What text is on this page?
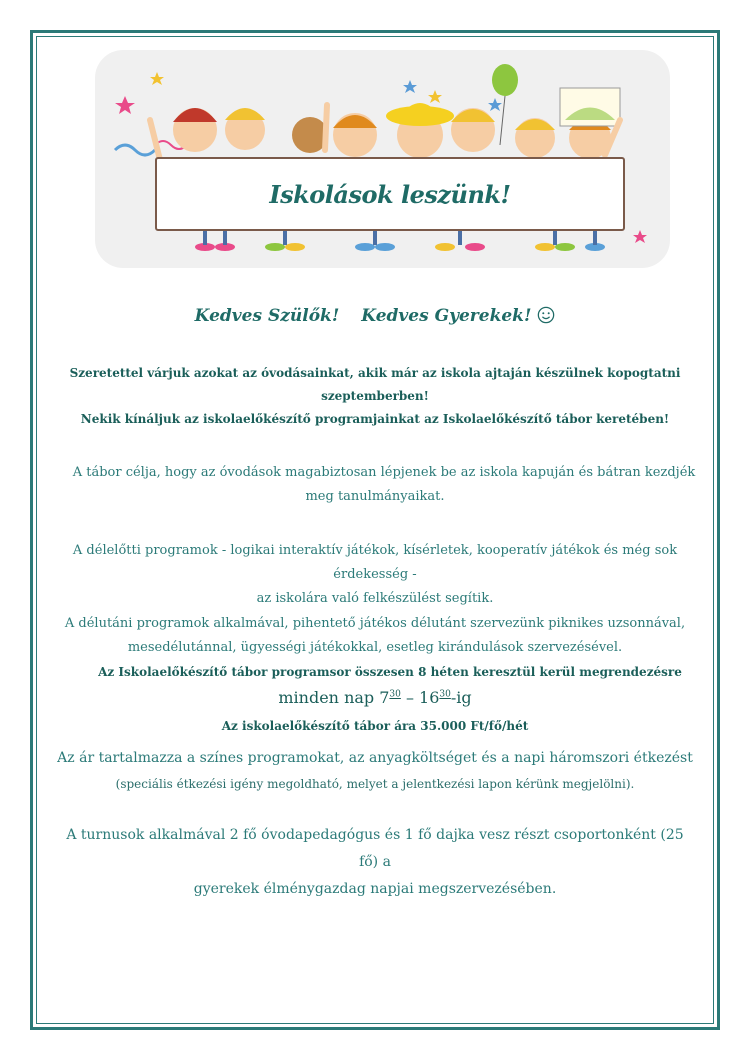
Iskolások leszünk!
Kedves Szülők! Kedves Gyerekek!
Szeretettel várjuk azokat az óvodásainkat, akik már az iskola ajtaján készülnek kopogtatni
szeptemberben!
Nekik kínáljuk az iskolaelőkészítő programjainkat az Iskolaelőkészítő tábor keretében!
A tábor célja, hogy az óvodások magabiztosan lépjenek be az iskola kapuján és bátran kezdjék
meg tanulmányaikat.
A délelőtti programok - logikai interaktív játékok, kísérletek, kooperatív játékok és még sok érdekesség -
az iskolára való felkészülést segítik.
A délutáni programok alkalmával, pihentető játékos délutánt szervezünk piknikes uzsonnával,
mesedélutánnal, ügyességi játékokkal, esetleg kirándulások szervezésével.
Az Iskolaelőkészítő tábor programsor összesen 8 héten keresztül kerül megrendezésre
minden nap $7^{30} - 16^{30}-ig$
Az iskolaelőkészítő tábor ára 35.000 Ft/fő/hét
Az ár tartalmazza a színes programokat, az anyagköltséget és a napi háromszori étkezést
(speciális étkezési igény megoldható, melyet a jelentkezési lapon kérünk megjelölni).
A turnusok alkalmával 2 fő óvodapedagógus és 1 fő dajka vesz részt csoportonként (25 fő) a
gyerekek élménygazdag napjai megszervezésében.
